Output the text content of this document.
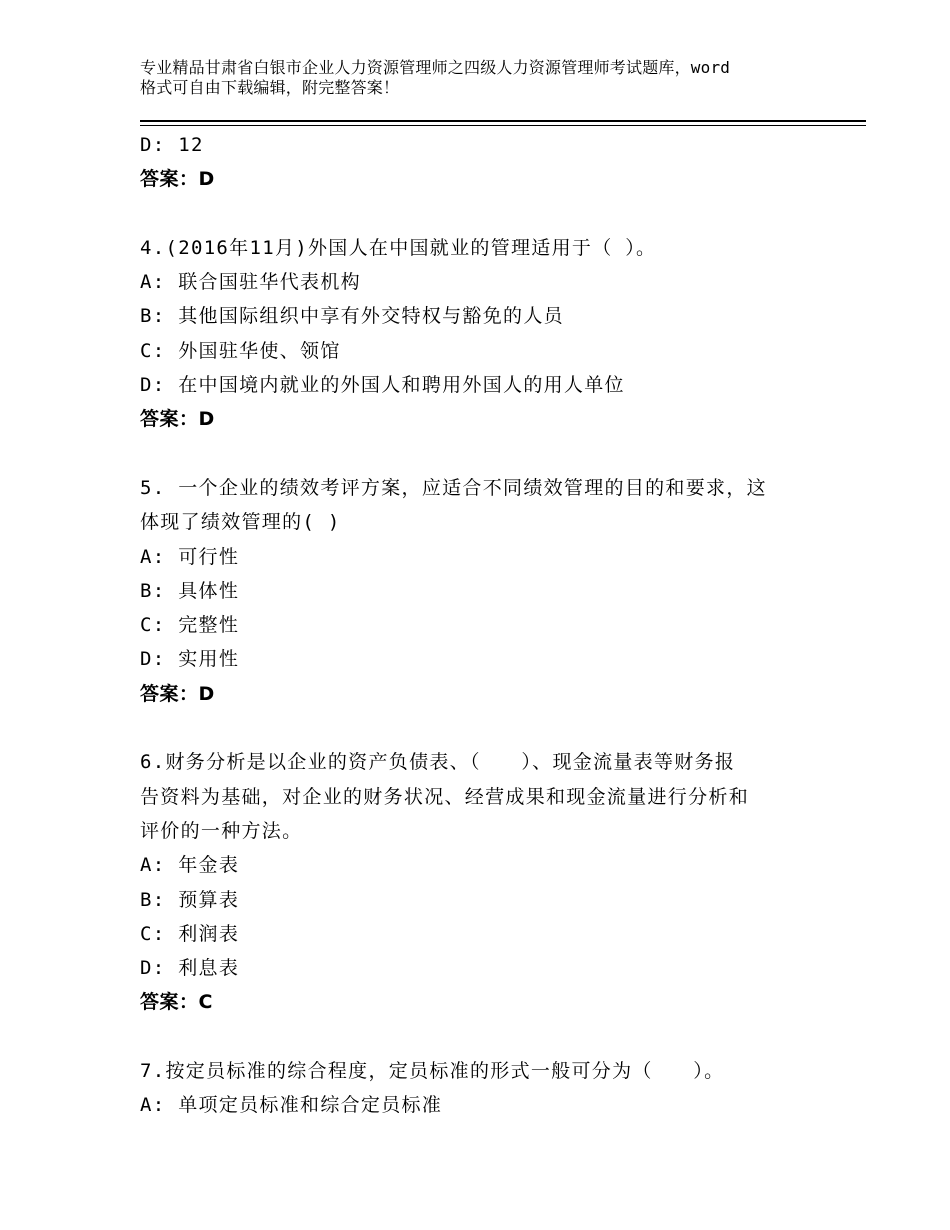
专业精品甘肃省白银市企业人力资源管理师之四级人力资源管理师考试题库，word
格式可自由下载编辑，附完整答案！
D: 12
答案：D
4.(2016年11月)外国人在中国就业的管理适用于（ ）。
A: 联合国驻华代表机构
B: 其他国际组织中享有外交特权与豁免的人员
C: 外国驻华使、领馆
D: 在中国境内就业的外国人和聘用外国人的用人单位
答案：D
5. 一个企业的绩效考评方案，应适合不同绩效管理的目的和要求，这
体现了绩效管理的( )
A: 可行性
B: 具体性
C: 完整性
D: 实用性
答案：D
6.财务分析是以企业的资产负债表、（　　）、现金流量表等财务报
告资料为基础，对企业的财务状况、经营成果和现金流量进行分析和
评价的一种方法。
A: 年金表
B: 预算表
C: 利润表
D: 利息表
答案：C
7.按定员标准的综合程度，定员标准的形式一般可分为（　　）。
A: 单项定员标准和综合定员标准
